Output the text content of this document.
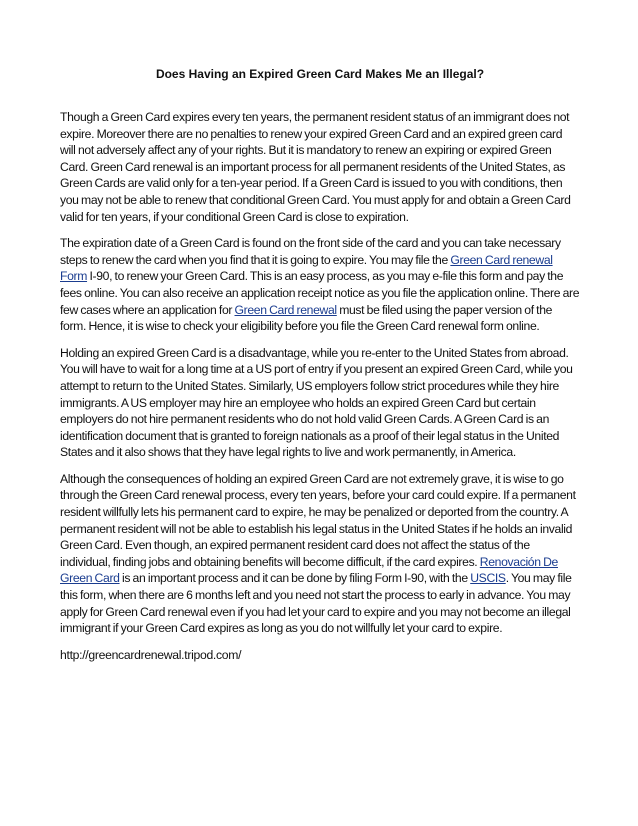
Does Having an Expired Green Card Makes Me an Illegal?

Though a Green Card expires every ten years, the permanent resident status of an immigrant does not expire. Moreover there are no penalties to renew your expired Green Card and an expired green card will not adversely affect any of your rights. But it is mandatory to renew an expiring or expired Green Card. Green Card renewal is an important process for all permanent residents of the United States, as Green Cards are valid only for a ten-year period. If a Green Card is issued to you with conditions, then you may not be able to renew that conditional Green Card. You must apply for and obtain a Green Card valid for ten years, if your conditional Green Card is close to expiration.

The expiration date of a Green Card is found on the front side of the card and you can take necessary steps to renew the card when you find that it is going to expire. You may file the Green Card renewal Form I-90, to renew your Green Card. This is an easy process, as you may e-file this form and pay the fees online. You can also receive an application receipt notice as you file the application online. There are few cases where an application for Green Card renewal must be filed using the paper version of the form. Hence, it is wise to check your eligibility before you file the Green Card renewal form online.

Holding an expired Green Card is a disadvantage, while you re-enter to the United States from abroad. You will have to wait for a long time at a US port of entry if you present an expired Green Card, while you attempt to return to the United States. Similarly, US employers follow strict procedures while they hire immigrants. A US employer may hire an employee who holds an expired Green Card but certain employers do not hire permanent residents who do not hold valid Green Cards. A Green Card is an identification document that is granted to foreign nationals as a proof of their legal status in the United States and it also shows that they have legal rights to live and work permanently, in America.

Although the consequences of holding an expired Green Card are not extremely grave, it is wise to go through the Green Card renewal process, every ten years, before your card could expire. If a permanent resident willfully lets his permanent card to expire, he may be penalized or deported from the country. A permanent resident will not be able to establish his legal status in the United States if he holds an invalid Green Card. Even though, an expired permanent resident card does not affect the status of the individual, finding jobs and obtaining benefits will become difficult, if the card expires. Renovación De Green Card is an important process and it can be done by filing Form I-90, with the USCIS. You may file this form, when there are 6 months left and you need not start the process to early in advance. You may apply for Green Card renewal even if you had let your card to expire and you may not become an illegal immigrant if your Green Card expires as long as you do not willfully let your card to expire.

http://greencardrenewal.tripod.com/
